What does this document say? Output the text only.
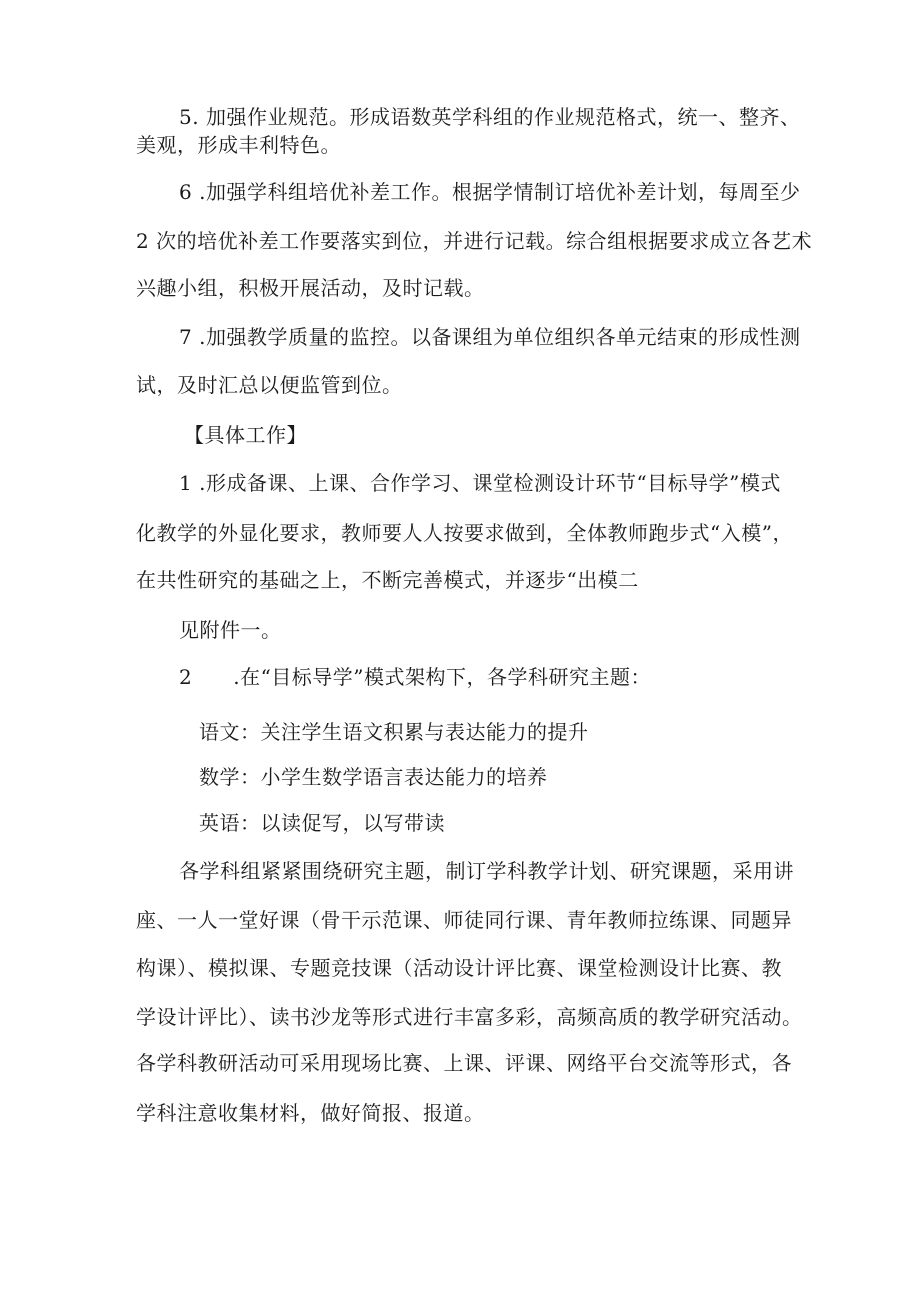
5. 加强作业规范。形成语数英学科组的作业规范格式，统一、整齐、
美观，形成丰利特色。
6 .加强学科组培优补差工作。根据学情制订培优补差计划，每周至少
2 次的培优补差工作要落实到位，并进行记载。综合组根据要求成立各艺术
兴趣小组，积极开展活动，及时记载。
7 .加强教学质量的监控。以备课组为单位组织各单元结束的形成性测
试，及时汇总以便监管到位。
【具体工作】
1 .形成备课、上课、合作学习、课堂检测设计环节“目标导学”模式
化教学的外显化要求，教师要人人按要求做到，全体教师跑步式“入模”，
在共性研究的基础之上，不断完善模式，并逐步“出模二
见附件一。
2　　.在“目标导学”模式架构下，各学科研究主题：
语文：关注学生语文积累与表达能力的提升
数学：小学生数学语言表达能力的培养
英语：以读促写，以写带读
各学科组紧紧围绕研究主题，制订学科教学计划、研究课题，采用讲
座、一人一堂好课（骨干示范课、师徒同行课、青年教师拉练课、同题异
构课）、模拟课、专题竞技课（活动设计评比赛、课堂检测设计比赛、教
学设计评比）、读书沙龙等形式进行丰富多彩，高频高质的教学研究活动。
各学科教研活动可采用现场比赛、上课、评课、网络平台交流等形式，各
学科注意收集材料，做好简报、报道。
